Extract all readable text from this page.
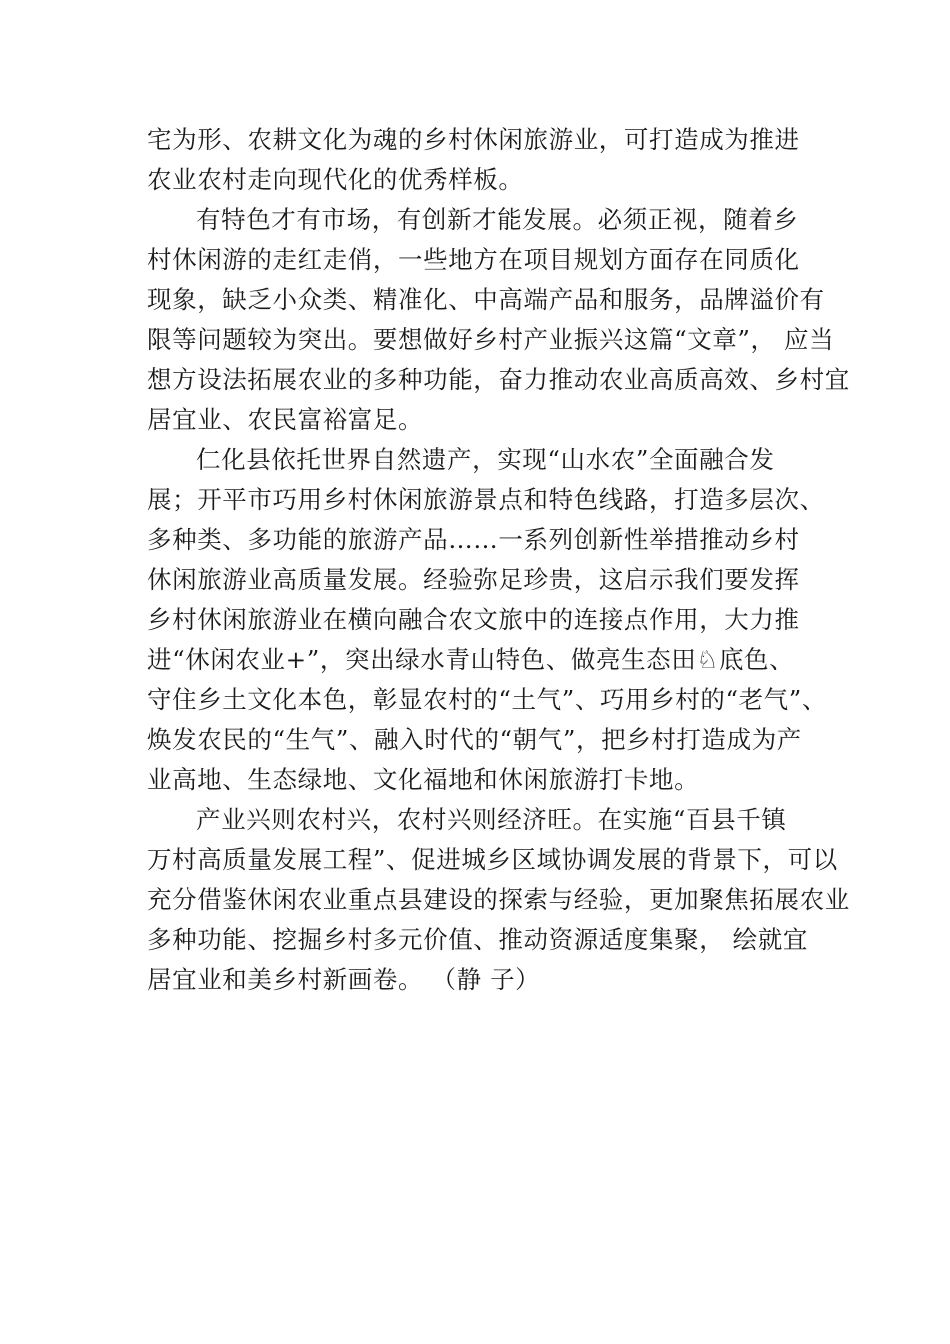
宅为形、农耕文化为魂的乡村休闲旅游业，可打造成为推进
农业农村走向现代化的优秀样板。
有特色才有市场，有创新才能发展。必须正视，随着乡
村休闲游的走红走俏，一些地方在项目规划方面存在同质化
现象，缺乏小众类、精准化、中高端产品和服务，品牌溢价有
限等问题较为突出。要想做好乡村产业振兴这篇“文章”， 应当
想方设法拓展农业的多种功能，奋力推动农业高质高效、乡村宜
居宜业、农民富裕富足。
仁化县依托世界自然遗产，实现“山水农”全面融合发
展；开平市巧用乡村休闲旅游景点和特色线路，打造多层次、
多种类、多功能的旅游产品……一系列创新性举措推动乡村
休闲旅游业高质量发展。经验弥足珍贵，这启示我们要发挥
乡村休闲旅游业在横向融合农文旅中的连接点作用，大力推
进“休闲农业+”，突出绿水青山特色、做亮生态田♘底色、
守住乡土文化本色，彰显农村的“土气”、巧用乡村的“老气”、
焕发农民的“生气”、融入时代的“朝气”，把乡村打造成为产
业高地、生态绿地、文化福地和休闲旅游打卡地。
产业兴则农村兴，农村兴则经济旺。在实施“百县千镇
万村高质量发展工程”、促进城乡区域协调发展的背景下，可以
充分借鉴休闲农业重点县建设的探索与经验，更加聚焦拓展农业
多种功能、挖掘乡村多元价值、推动资源适度集聚， 绘就宜
居宜业和美乡村新画卷。 （静 子）
